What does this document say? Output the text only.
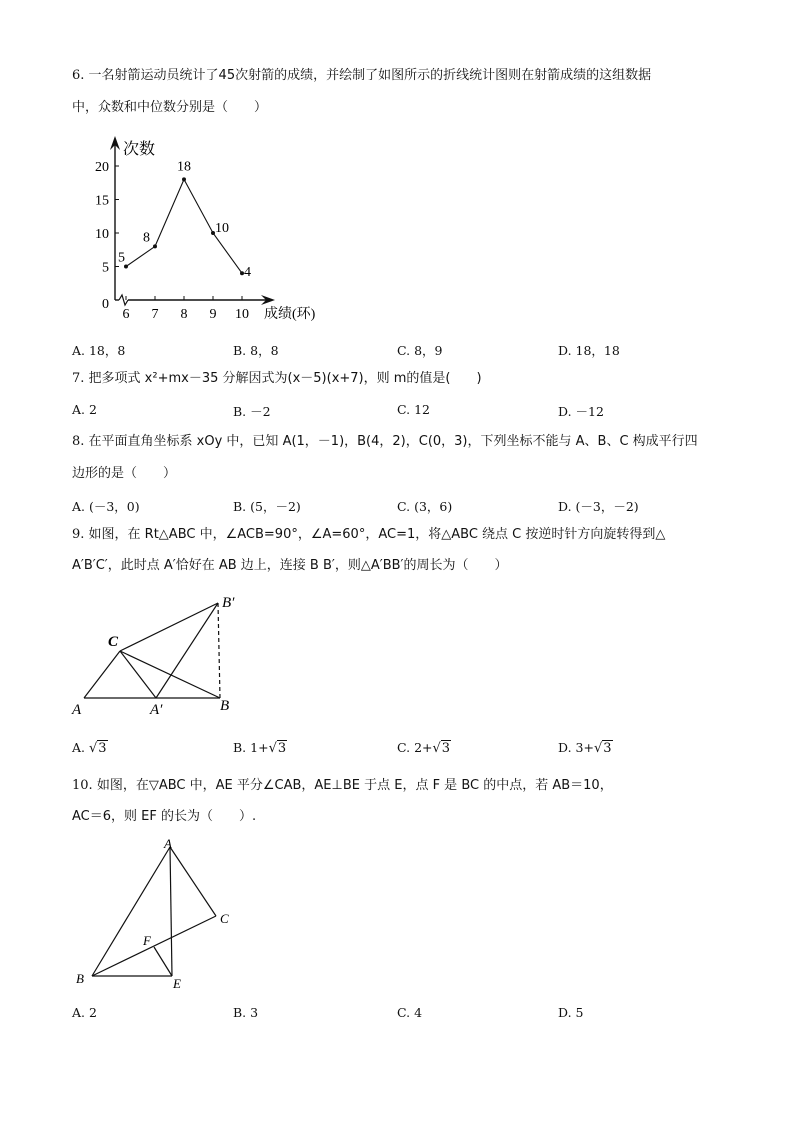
6. 一名射箭运动员统计了45次射箭的成绩，并绘制了如图所示的折线统计图则在射箭成绩的这组数据
中，众数和中位数分别是（　　）
0
5
10
15
20
6 7 8 9 10
次数
成绩(环)
5
8
18
10
4
A. 18，8	B. 8，8	C. 8，9	D. 18，18
7. 把多项式 x²+mx－35 分解因式为(x－5)(x+7)，则 m的值是(　　)
A. 2	B. －2	C. 12	D. －12
8. 在平面直角坐标系 xOy 中，已知 A(1，－1)，B(4，2)，C(0，3)，下列坐标不能与 A、B、C 构成平行四
边形的是（　　）
A. (－3，0)	B. (5，－2)	C. (3，6)	D. (－3，－2)
9. 如图，在 Rt△ABC 中，∠ACB=90°，∠A=60°，AC=1，将△ABC 绕点 C 按逆时针方向旋转得到△
A′B′C′，此时点 A′恰好在 AB 边上，连接 B B′，则△A′BB′的周长为（　　）
A	A′	B
B′
C
A. √3	B. 1+√3	C. 2+√3	D. 3+√3
10. 如图，在▽ABC 中，AE 平分∠CAB，AE⊥BE 于点 E，点 F 是 BC 的中点，若 AB＝10，
AC＝6，则 EF 的长为（　　）.
A
B
C
E
F
A. 2	B. 3	C. 4	D. 5
